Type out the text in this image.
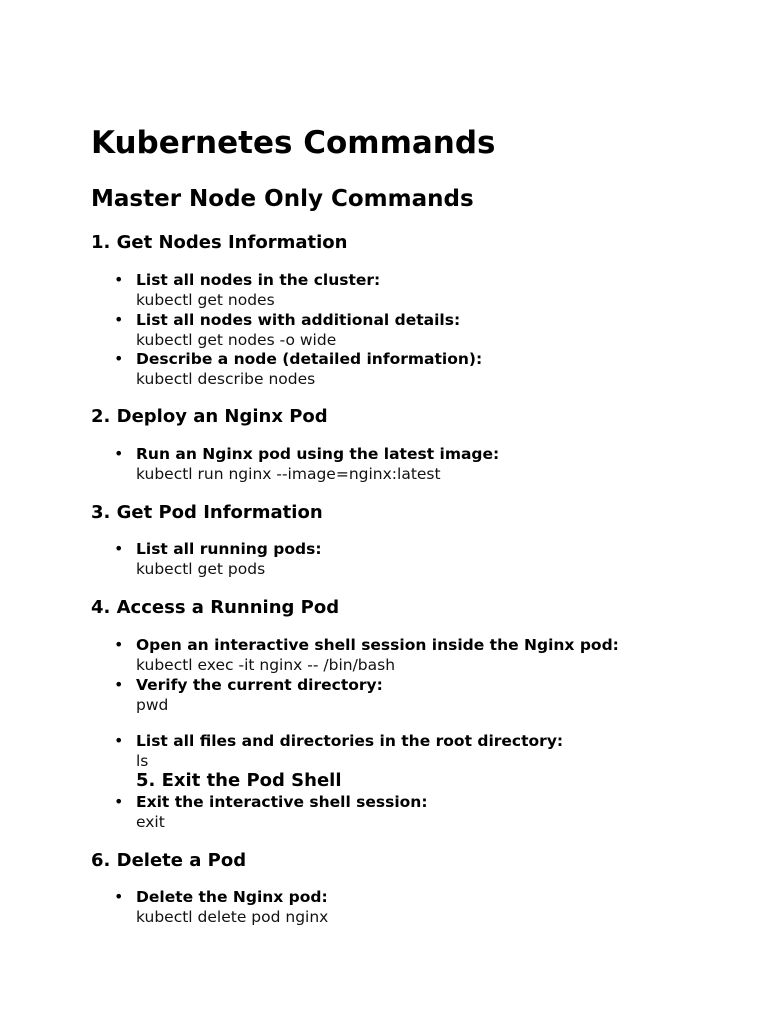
Kubernetes Commands
Master Node Only Commands
1. Get Nodes Information
• List all nodes in the cluster:
kubectl get nodes
• List all nodes with additional details:
kubectl get nodes -o wide
• Describe a node (detailed information):
kubectl describe nodes
2. Deploy an Nginx Pod
• Run an Nginx pod using the latest image:
kubectl run nginx --image=nginx:latest
3. Get Pod Information
• List all running pods:
kubectl get pods
4. Access a Running Pod
• Open an interactive shell session inside the Nginx pod:
kubectl exec -it nginx -- /bin/bash
• Verify the current directory:
pwd
• List all files and directories in the root directory:
ls
5. Exit the Pod Shell
• Exit the interactive shell session:
exit
6. Delete a Pod
• Delete the Nginx pod:
kubectl delete pod nginx
